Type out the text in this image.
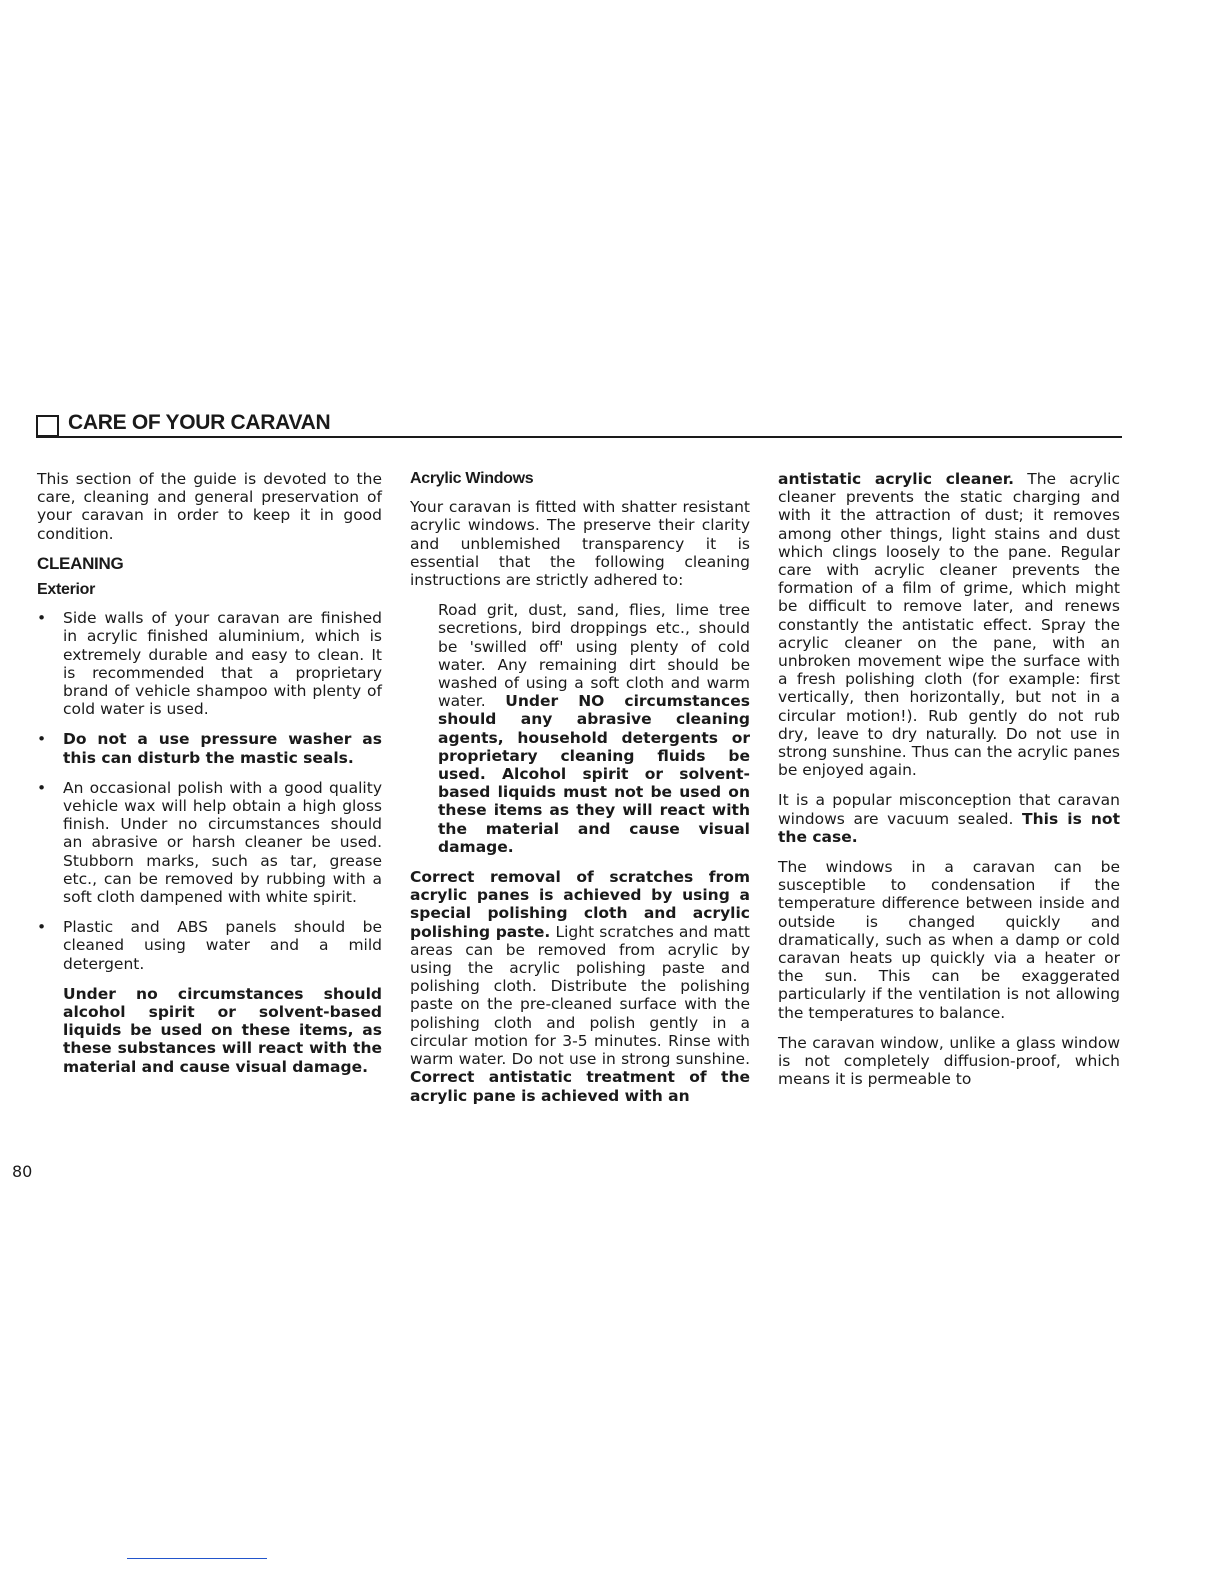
CARE OF YOUR CARAVAN

This section of the guide is devoted to the care, cleaning and general preservation of your caravan in order to keep it in good condition.

CLEANING
Exterior
• Side walls of your caravan are finished in acrylic finished aluminium, which is extremely durable and easy to clean. It is recommended that a proprietary brand of vehicle shampoo with plenty of cold water is used.
• Do not a use pressure washer as this can disturb the mastic seals.
• An occasional polish with a good quality vehicle wax will help obtain a high gloss finish. Under no circumstances should an abrasive or harsh cleaner be used. Stubborn marks, such as tar, grease etc., can be removed by rubbing with a soft cloth dampened with white spirit.
• Plastic and ABS panels should be cleaned using water and a mild detergent.

Under no circumstances should alcohol spirit or solvent-based liquids be used on these items, as these substances will react with the material and cause visual damage.

Acrylic Windows

Your caravan is fitted with shatter resistant acrylic windows. The preserve their clarity and unblemished transparency it is essential that the following cleaning instructions are strictly adhered to:

Road grit, dust, sand, flies, lime tree secretions, bird droppings etc., should be 'swilled off' using plenty of cold water. Any remaining dirt should be washed of using a soft cloth and warm water. Under NO circumstances should any abrasive cleaning agents, household detergents or proprietary cleaning fluids be used. Alcohol spirit or solvent-based liquids must not be used on these items as they will react with the material and cause visual damage.

Correct removal of scratches from acrylic panes is achieved by using a special polishing cloth and acrylic polishing paste. Light scratches and matt areas can be removed from acrylic by using the acrylic polishing paste and polishing cloth. Distribute the polishing paste on the pre-cleaned surface with the polishing cloth and polish gently in a circular motion for 3-5 minutes. Rinse with warm water. Do not use in strong sunshine. Correct antistatic treatment of the acrylic pane is achieved with an

antistatic acrylic cleaner. The acrylic cleaner prevents the static charging and with it the attraction of dust; it removes among other things, light stains and dust which clings loosely to the pane. Regular care with acrylic cleaner prevents the formation of a film of grime, which might be difficult to remove later, and renews constantly the antistatic effect. Spray the acrylic cleaner on the pane, with an unbroken movement wipe the surface with a fresh polishing cloth (for example: first vertically, then horizontally, but not in a circular motion!). Rub gently do not rub dry, leave to dry naturally. Do not use in strong sunshine. Thus can the acrylic panes be enjoyed again.

It is a popular misconception that caravan windows are vacuum sealed. This is not the case.

The windows in a caravan can be susceptible to condensation if the temperature difference between inside and outside is changed quickly and dramatically, such as when a damp or cold caravan heats up quickly via a heater or the sun. This can be exaggerated particularly if the ventilation is not allowing the temperatures to balance.

The caravan window, unlike a glass window is not completely diffusion-proof, which means it is permeable to

80
